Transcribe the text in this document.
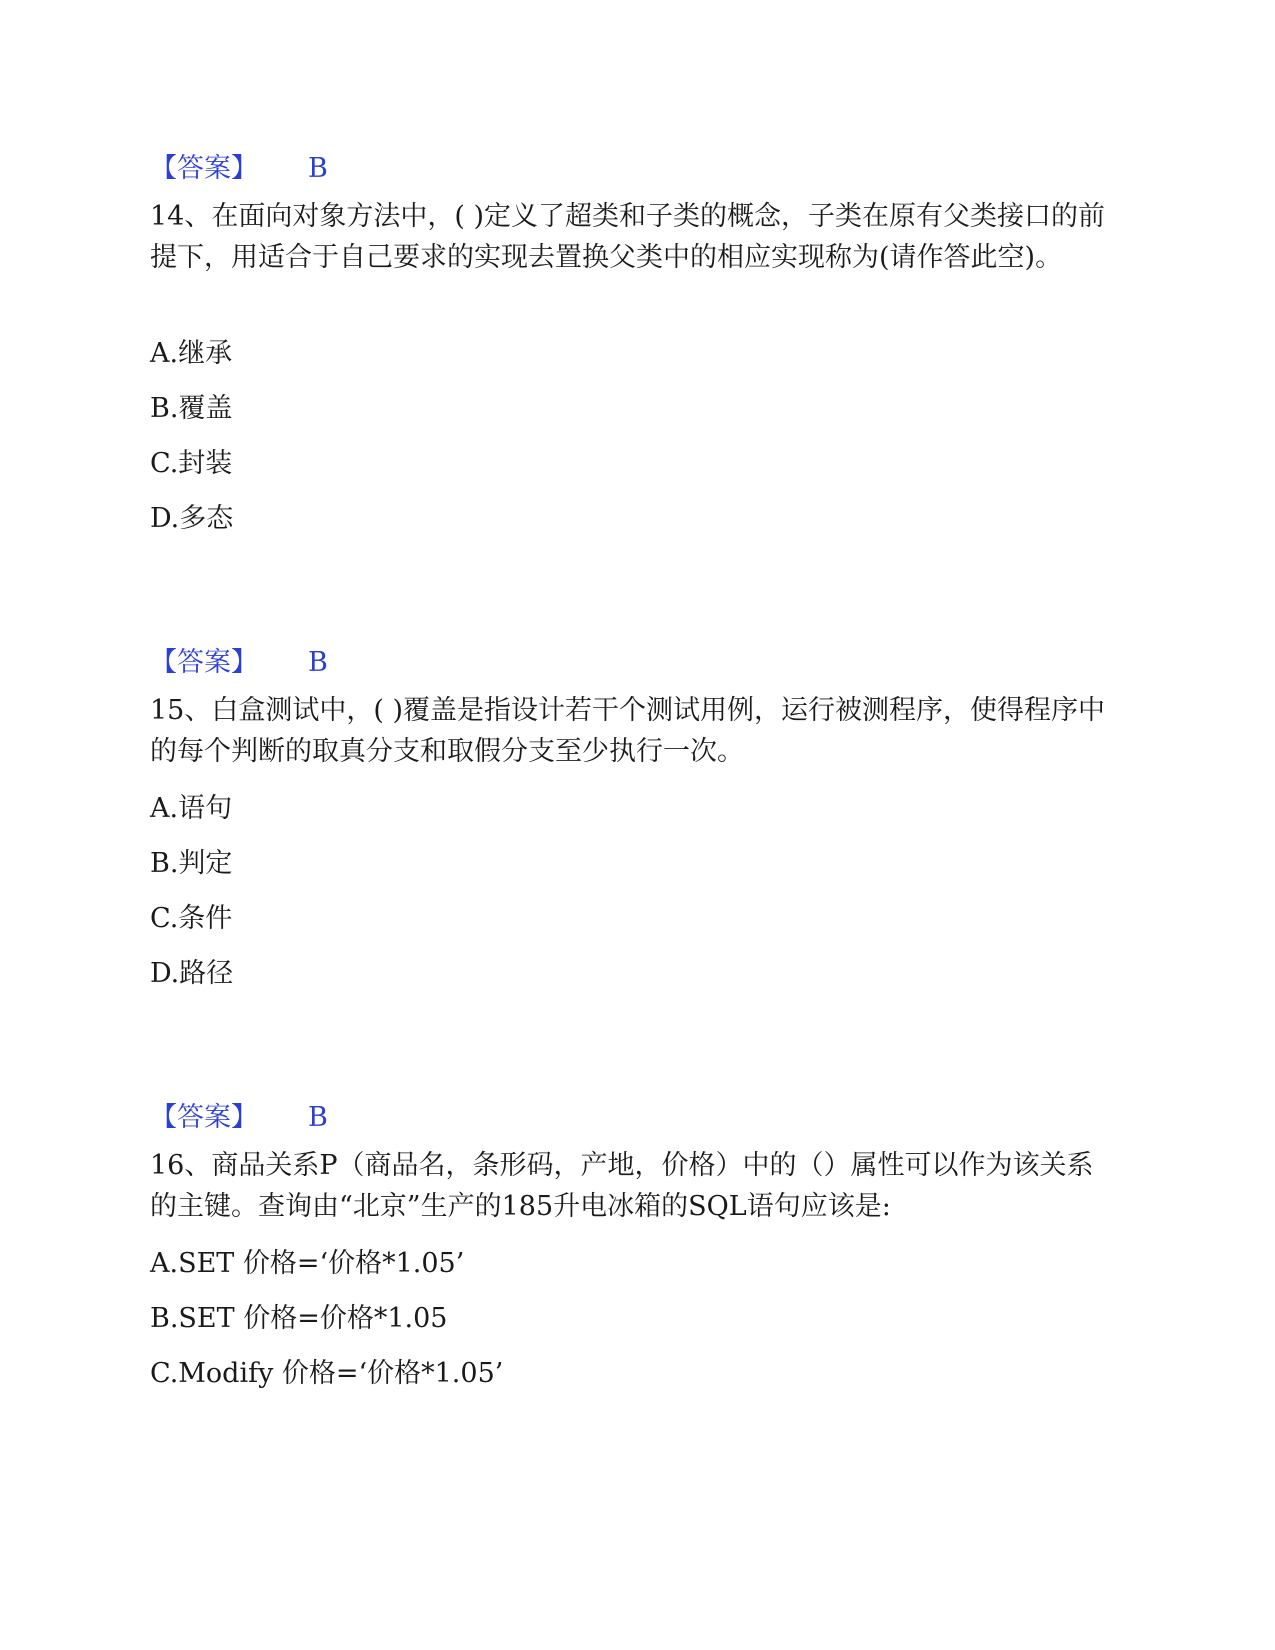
【答案】 B
14、在面向对象方法中，( )定义了超类和子类的概念，子类在原有父类接口的前提下，用适合于自己要求的实现去置换父类中的相应实现称为(请作答此空)。
A.继承
B.覆盖
C.封装
D.多态
【答案】 B
15、白盒测试中，( )覆盖是指设计若干个测试用例，运行被测程序，使得程序中的每个判断的取真分支和取假分支至少执行一次。
A.语句
B.判定
C.条件
D.路径
【答案】 B
16、商品关系P（商品名，条形码，产地，价格）中的（）属性可以作为该关系的主键。查询由“北京”生产的185升电冰箱的SQL语句应该是:
A.SET 价格=‘价格*1.05’
B.SET 价格=价格*1.05
C.Modify 价格=‘价格*1.05’
